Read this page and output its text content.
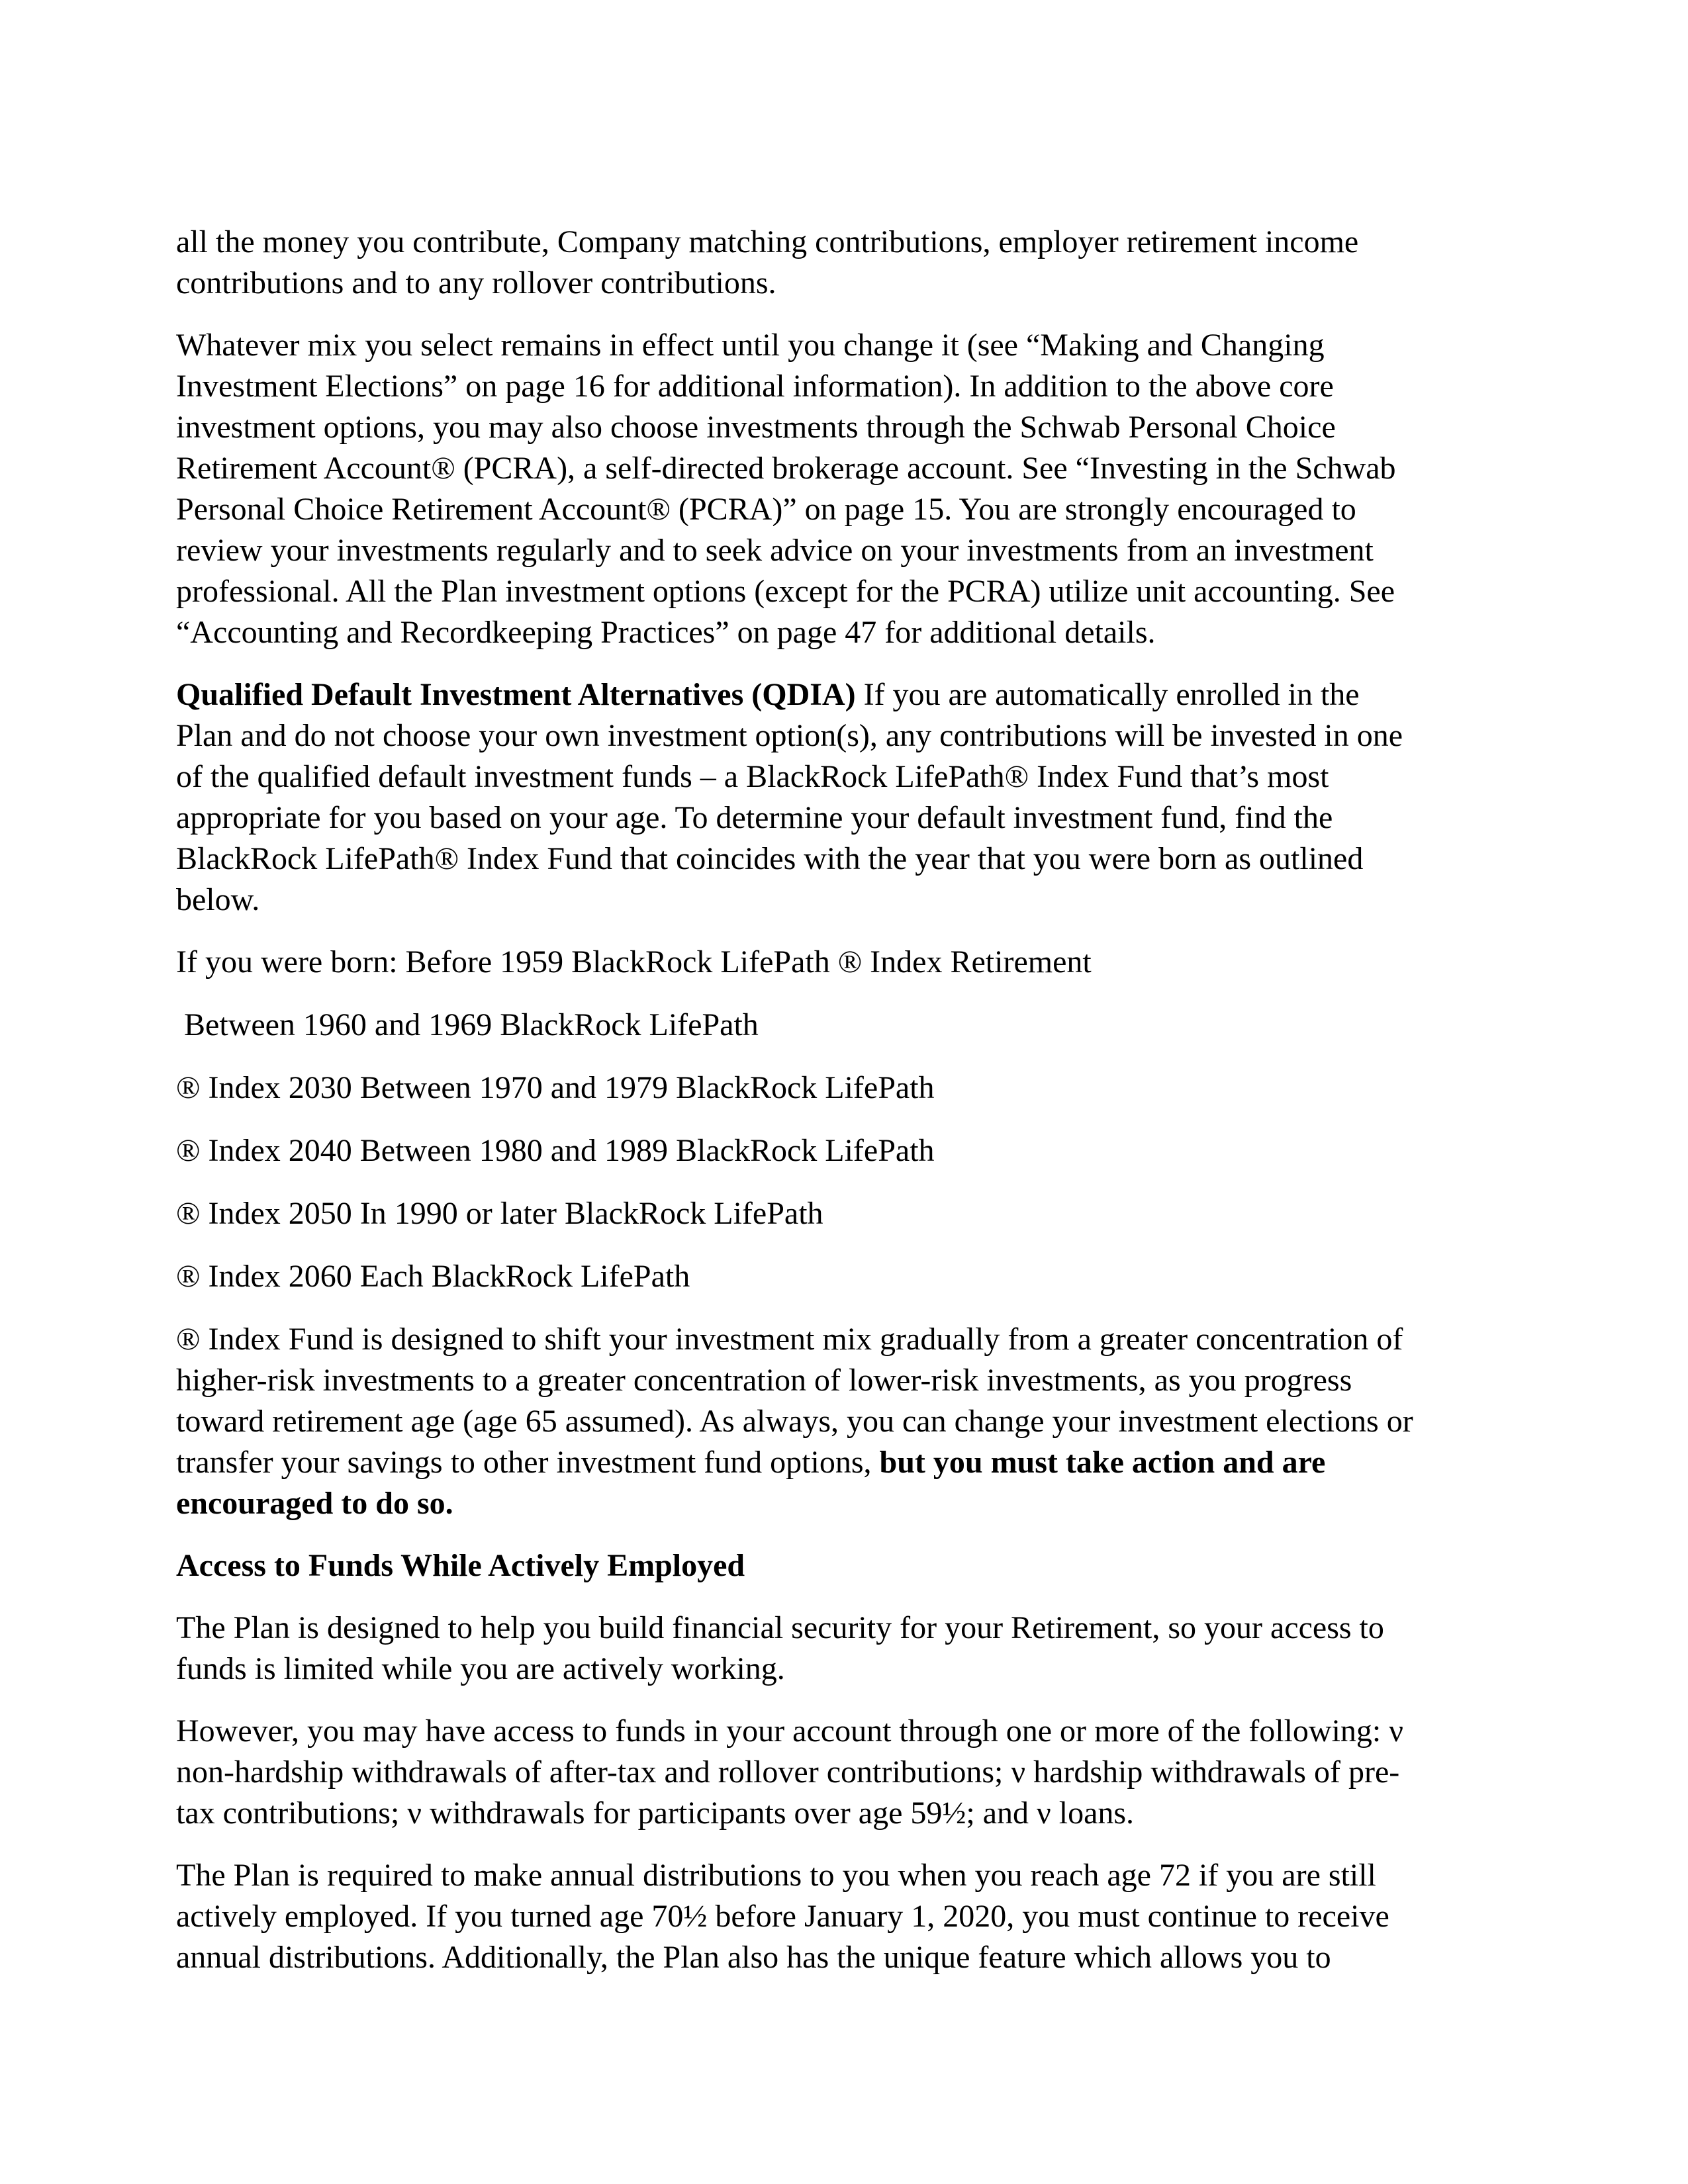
all the money you contribute, Company matching contributions, employer retirement income
contributions and to any rollover contributions.

Whatever mix you select remains in effect until you change it (see “Making and Changing
Investment Elections” on page 16 for additional information). In addition to the above core
investment options, you may also choose investments through the Schwab Personal Choice
Retirement Account® (PCRA), a self-directed brokerage account. See “Investing in the Schwab
Personal Choice Retirement Account® (PCRA)” on page 15. You are strongly encouraged to
review your investments regularly and to seek advice on your investments from an investment
professional. All the Plan investment options (except for the PCRA) utilize unit accounting. See
“Accounting and Recordkeeping Practices” on page 47 for additional details.

Qualified Default Investment Alternatives (QDIA) If you are automatically enrolled in the
Plan and do not choose your own investment option(s), any contributions will be invested in one
of the qualified default investment funds – a BlackRock LifePath® Index Fund that’s most
appropriate for you based on your age. To determine your default investment fund, find the
BlackRock LifePath® Index Fund that coincides with the year that you were born as outlined
below.

If you were born: Before 1959 BlackRock LifePath ® Index Retirement
Between 1960 and 1969 BlackRock LifePath
® Index 2030 Between 1970 and 1979 BlackRock LifePath
® Index 2040 Between 1980 and 1989 BlackRock LifePath
® Index 2050 In 1990 or later BlackRock LifePath
® Index 2060 Each BlackRock LifePath

® Index Fund is designed to shift your investment mix gradually from a greater concentration of
higher-risk investments to a greater concentration of lower-risk investments, as you progress
toward retirement age (age 65 assumed). As always, you can change your investment elections or
transfer your savings to other investment fund options, but you must take action and are
encouraged to do so.

Access to Funds While Actively Employed

The Plan is designed to help you build financial security for your Retirement, so your access to
funds is limited while you are actively working.

However, you may have access to funds in your account through one or more of the following: ν
non-hardship withdrawals of after-tax and rollover contributions; ν hardship withdrawals of pre-
tax contributions; ν withdrawals for participants over age 59½; and ν loans.

The Plan is required to make annual distributions to you when you reach age 72 if you are still
actively employed. If you turned age 70½ before January 1, 2020, you must continue to receive
annual distributions. Additionally, the Plan also has the unique feature which allows you to
